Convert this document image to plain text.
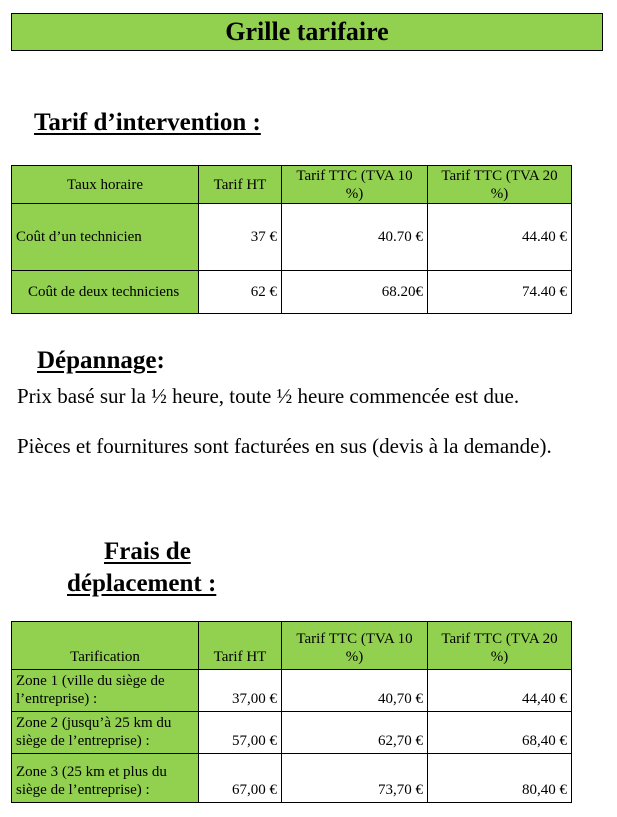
Grille tarifaire
Tarif d’intervention :
Taux horaire	Tarif HT	Tarif TTC (TVA 10 %)	Tarif TTC (TVA 20 %)
Coût d’un technicien	37 €	40.70 €	44.40 €
Coût de deux techniciens	62 €	68.20€	74.40 €
Dépannage:
Prix basé sur la ½ heure, toute ½ heure commencée est due.
Pièces et fournitures sont facturées en sus (devis à la demande).
Frais de
déplacement :
Tarification	Tarif HT	Tarif TTC (TVA 10 %)	Tarif TTC (TVA 20 %)
Zone 1 (ville du siège de l’entreprise) :	37,00 €	40,70 €	44,40 €
Zone 2 (jusqu’à 25 km du siège de l’entreprise) :	57,00 €	62,70 €	68,40 €
Zone 3 (25 km et plus du siège de l’entreprise) :	67,00 €	73,70 €	80,40 €
